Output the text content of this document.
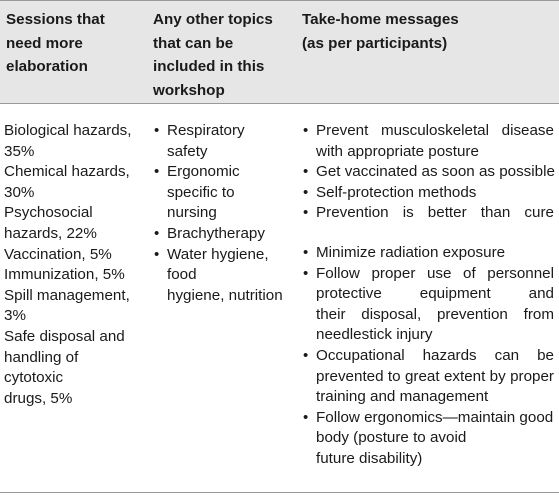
Sessions that
need more
elaboration
Any other topics
that can be
included in this
workshop
Take-home messages
(as per participants)
Biological hazards,
35%
Chemical hazards,
30%
Psychosocial
hazards, 22%
Vaccination, 5%
Immunization, 5%
Spill management,
3%
Safe disposal and
handling of
cytotoxic
drugs, 5%
• Respiratory
safety
• Ergonomic
specific to
nursing
• Brachytherapy
• Water hygiene,
food
hygiene, nutrition
• Prevent musculoskeletal disease
with appropriate posture
• Get vaccinated as soon as possible
• Self-protection methods
• Prevention is better than cure
• Minimize radiation exposure
• Follow proper use of personnel
protective equipment and
their disposal, prevention from
needlestick injury
• Occupational hazards can be
prevented to great extent by proper
training and management
• Follow ergonomics—maintain good
body (posture to avoid
future disability)
